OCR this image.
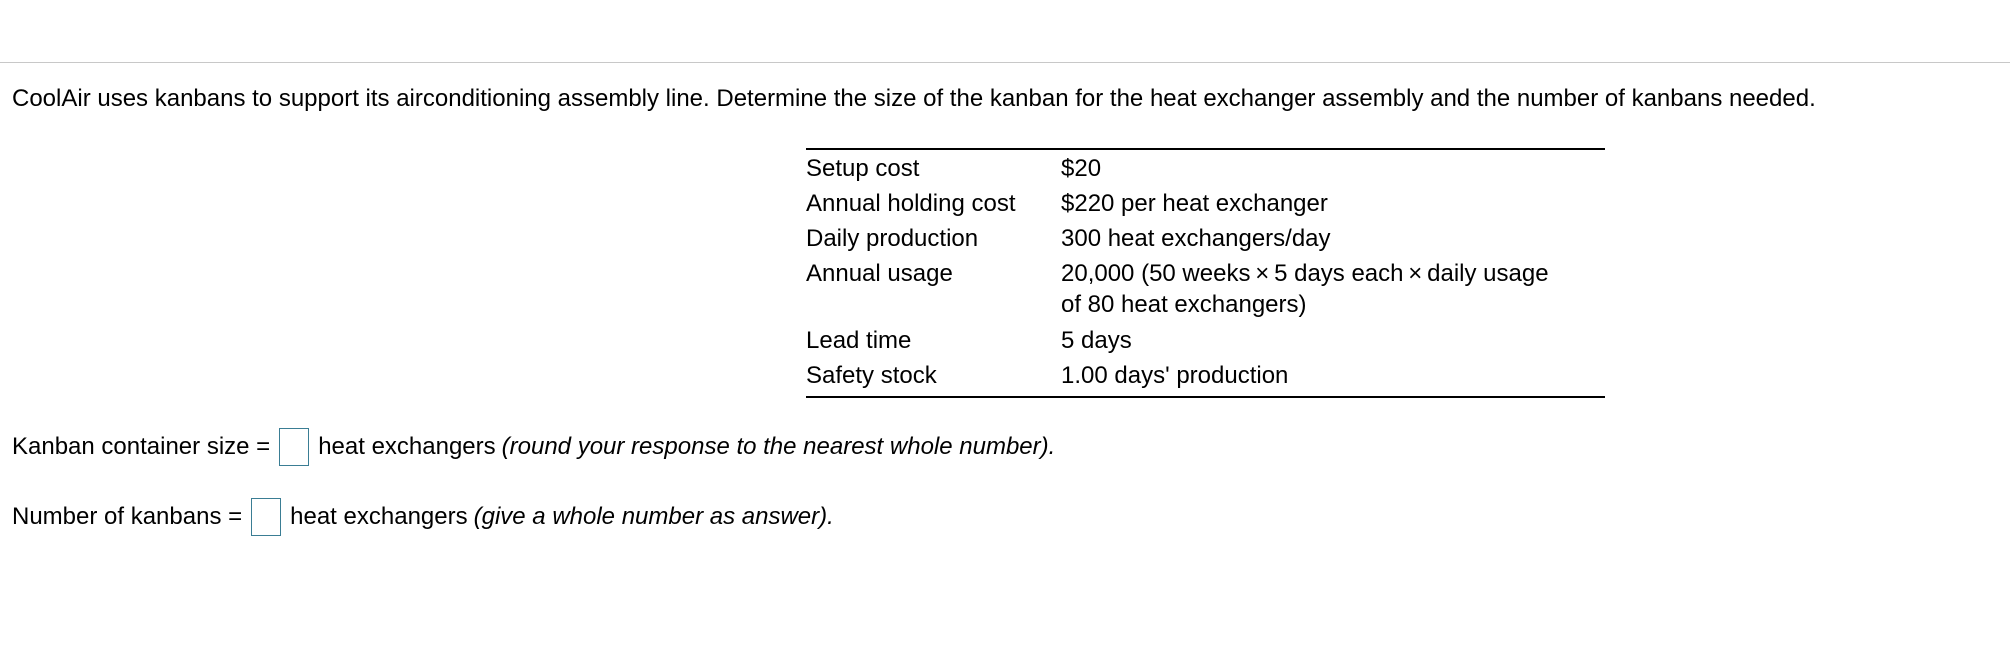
CoolAir uses kanbans to support its airconditioning assembly line. Determine the size of the kanban for the heat exchanger assembly and the number of kanbans needed.
Setup cost	$20
Annual holding cost	$220 per heat exchanger
Daily production	300 heat exchangers/day
Annual usage	20,000 (50 weeks × 5 days each × daily usage
of 80 heat exchangers)

Lead time	5 days
Safety stock	1.00 days' production
Kanban container size = heat exchangers (round your response to the nearest whole number).
Number of kanbans = heat exchangers (give a whole number as answer).
